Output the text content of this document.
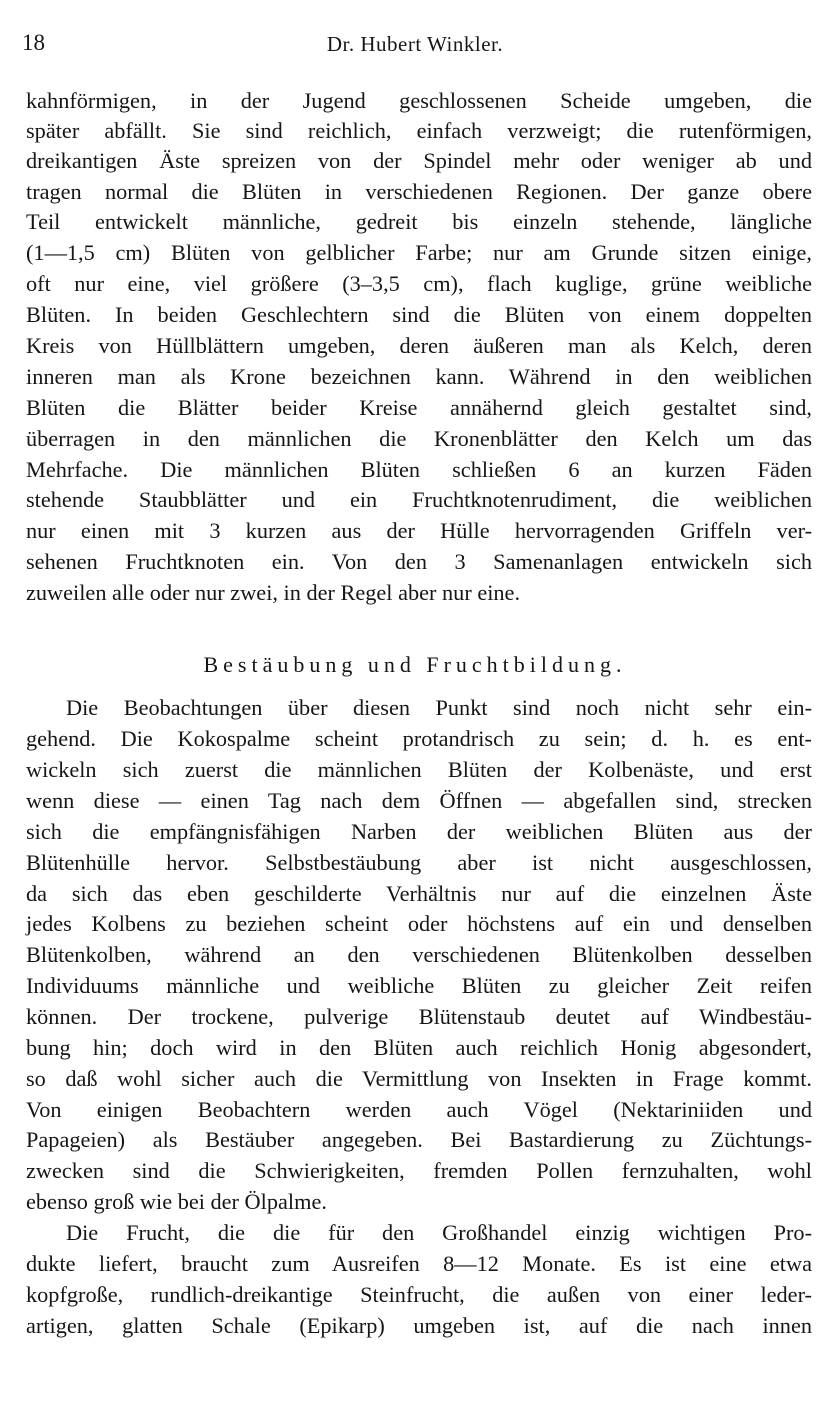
18	Dr. Hubert Winkler.
kahnförmigen, in der Jugend geschlossenen Scheide umgeben, die
später abfällt. Sie sind reichlich, einfach verzweigt; die rutenförmigen,
dreikantigen Äste spreizen von der Spindel mehr oder weniger ab und
tragen normal die Blüten in verschiedenen Regionen. Der ganze obere
Teil entwickelt männliche, gedreit bis einzeln stehende, längliche
(1—1,5 cm) Blüten von gelblicher Farbe; nur am Grunde sitzen einige,
oft nur eine, viel größere (3–3,5 cm), flach kuglige, grüne weibliche
Blüten. In beiden Geschlechtern sind die Blüten von einem doppelten
Kreis von Hüllblättern umgeben, deren äußeren man als Kelch, deren
inneren man als Krone bezeichnen kann. Während in den weiblichen
Blüten die Blätter beider Kreise annähernd gleich gestaltet sind,
überragen in den männlichen die Kronenblätter den Kelch um das
Mehrfache. Die männlichen Blüten schließen 6 an kurzen Fäden
stehende Staubblätter und ein Fruchtknotenrudiment, die weiblichen
nur einen mit 3 kurzen aus der Hülle hervorragenden Griffeln ver-
sehenen Fruchtknoten ein. Von den 3 Samenanlagen entwickeln sich
zuweilen alle oder nur zwei, in der Regel aber nur eine.
Bestäubung und Fruchtbildung.
Die Beobachtungen über diesen Punkt sind noch nicht sehr ein-
gehend. Die Kokospalme scheint protandrisch zu sein; d. h. es ent-
wickeln sich zuerst die männlichen Blüten der Kolbenäste, und erst
wenn diese — einen Tag nach dem Öffnen — abgefallen sind, strecken
sich die empfängnisfähigen Narben der weiblichen Blüten aus der
Blütenhülle hervor. Selbstbestäubung aber ist nicht ausgeschlossen,
da sich das eben geschilderte Verhältnis nur auf die einzelnen Äste
jedes Kolbens zu beziehen scheint oder höchstens auf ein und denselben
Blütenkolben, während an den verschiedenen Blütenkolben desselben
Individuums männliche und weibliche Blüten zu gleicher Zeit reifen
können. Der trockene, pulverige Blütenstaub deutet auf Windbestäu-
bung hin; doch wird in den Blüten auch reichlich Honig abgesondert,
so daß wohl sicher auch die Vermittlung von Insekten in Frage kommt.
Von einigen Beobachtern werden auch Vögel (Nektariniiden und
Papageien) als Bestäuber angegeben. Bei Bastardierung zu Züchtungs-
zwecken sind die Schwierigkeiten, fremden Pollen fernzuhalten, wohl
ebenso groß wie bei der Ölpalme.
Die Frucht, die die für den Großhandel einzig wichtigen Pro-
dukte liefert, braucht zum Ausreifen 8—12 Monate. Es ist eine etwa
kopfgroße, rundlich-dreikantige Steinfrucht, die außen von einer leder-
artigen, glatten Schale (Epikarp) umgeben ist, auf die nach innen
